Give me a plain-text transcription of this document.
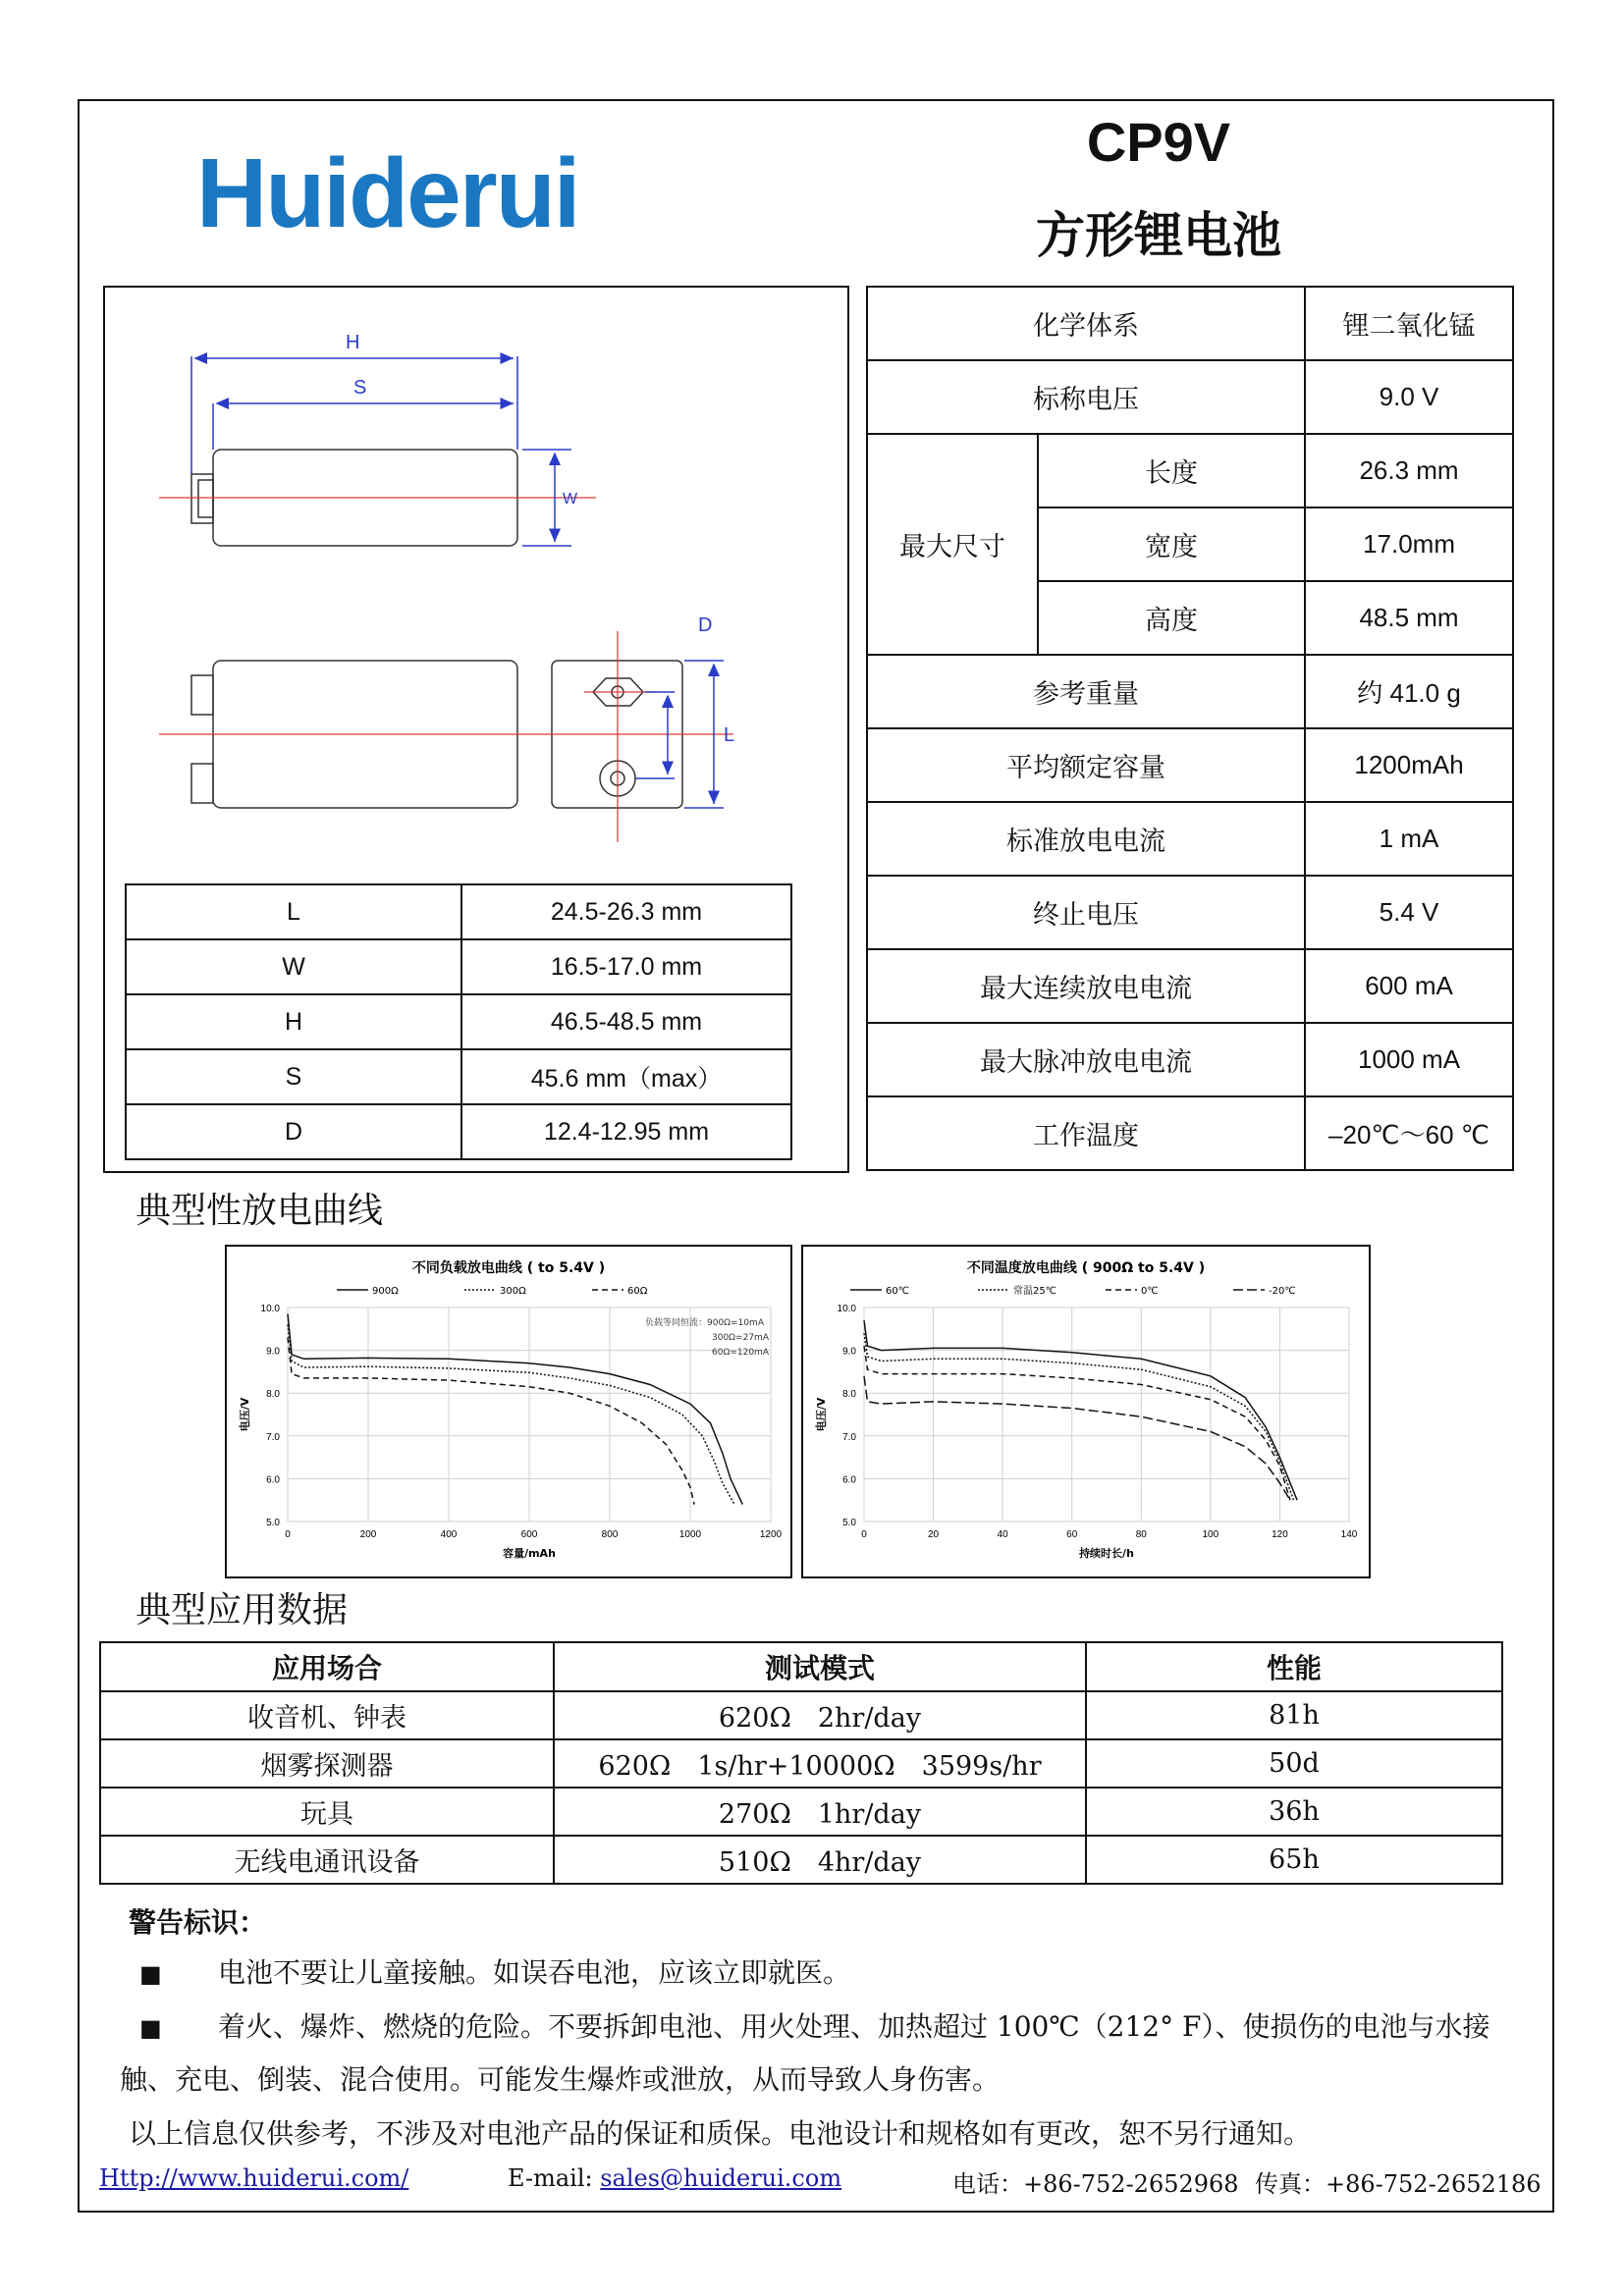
Huiderui	CP9V
方形锂电池
H
S
W
D
L
L	24.5-26.3 mm
W	16.5-17.0 mm
H	46.5-48.5 mm
S	45.6 mm（max）
D	12.4-12.95 mm
化学体系		锂二氧化锰
标称电压		9.0 V
最大尺寸	长度	26.3 mm
	宽度	17.0mm
	高度	48.5 mm
参考重量		约 41.0 g
平均额定容量		1200mAh
标准放电电流		1 mA
终止电压		5.4 V
最大连续放电电流		600 mA
最大脉冲放电电流		1000 mA
工作温度		–20℃～60 ℃
典型性放电曲线
0	200	400	600	800	1000	1200
5.0
6.0
7.0
8.0
9.0
10.0
不同负载放电曲线 ( to 5.4V )
容量/mAh
电压/V
900Ω	300Ω	60Ω
负载等同恒流：900Ω=10mA
300Ω=27mA
60Ω=120mA
0	20	40	60	80	100	120	140
5.0
6.0
7.0
8.0
9.0
10.0
不同温度放电曲线 ( 900Ω to 5.4V )
持续时长/h
电压/V
60℃	常温25℃	0℃	-20℃
典型应用数据
应用场合	测试模式	性能
收音机、钟表	620Ω　2hr/day	81h
烟雾探测器	620Ω　1s/hr+10000Ω　3599s/hr	50d
玩具	270Ω　1hr/day	36h
无线电通讯设备	510Ω　4hr/day	65h
警告标识：
■ 电池不要让儿童接触。如误吞电池，应该立即就医。
■ 着火、爆炸、燃烧的危险。不要拆卸电池、用火处理、加热超过 100℃（212° F）、使损伤的电池与水接
触、充电、倒装、混合使用。可能发生爆炸或泄放，从而导致人身伤害。
以上信息仅供参考，不涉及对电池产品的保证和质保。电池设计和规格如有更改，恕不另行通知。
Http://www.huiderui.com/	E-mail: sales@huiderui.com	电话：+86-752-2652968 传真：+86-752-2652186
